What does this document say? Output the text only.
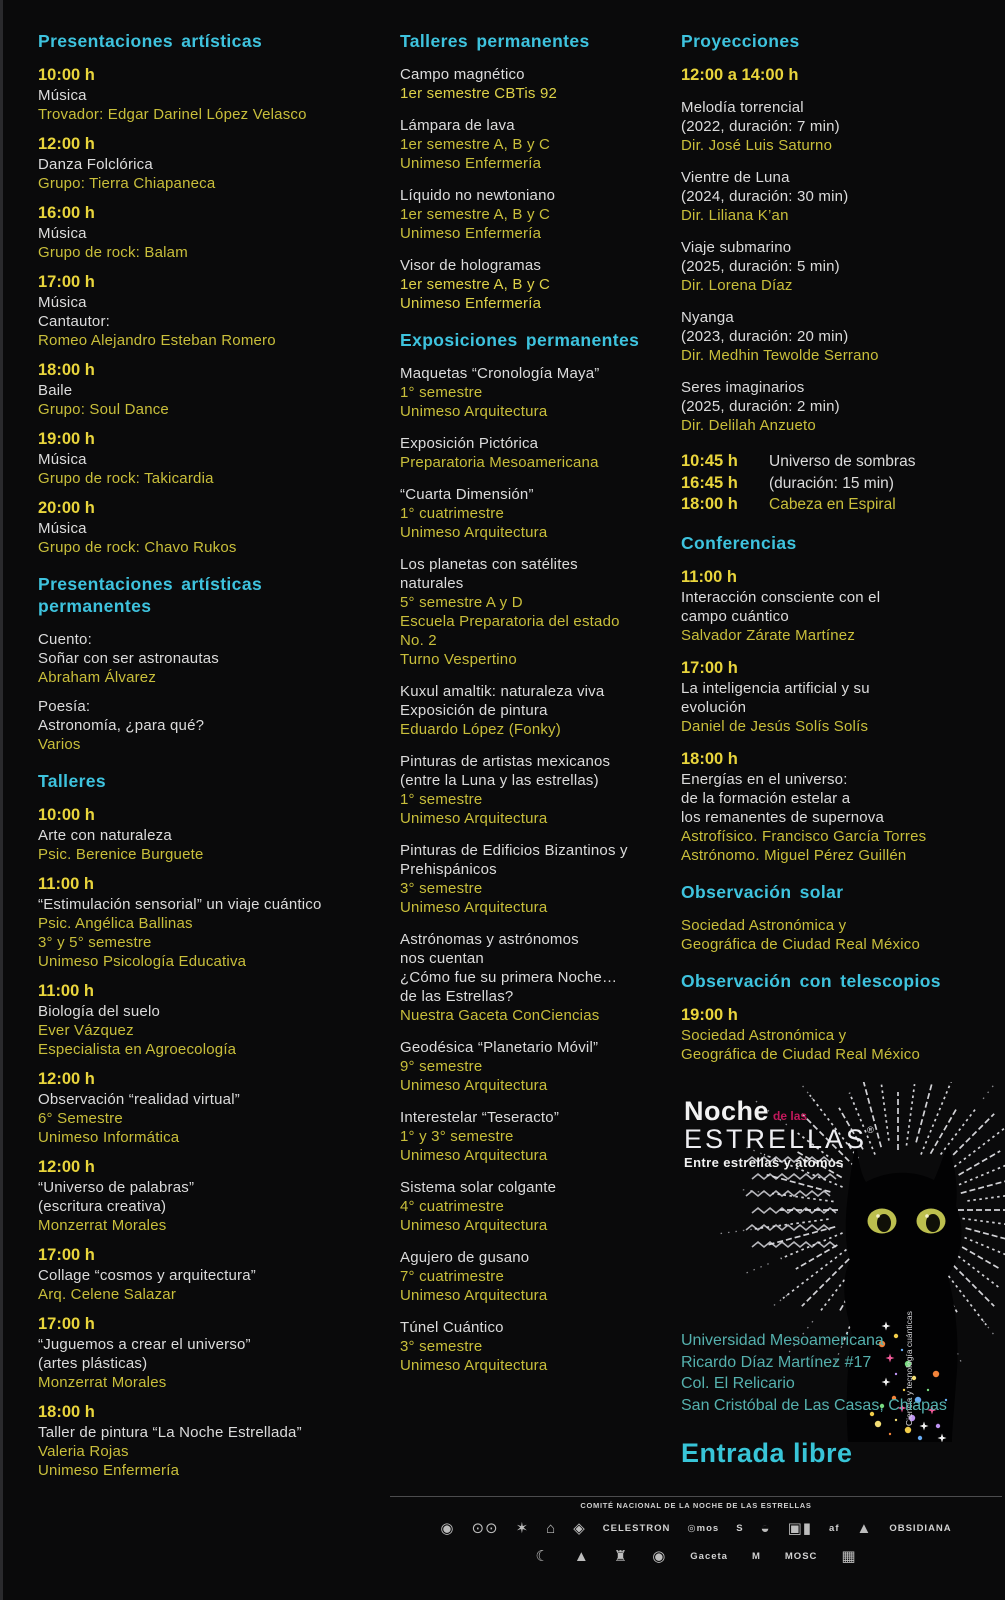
Presentaciones artísticas
10:00 h
Música
Trovador: Edgar Darinel López Velasco
12:00 h
Danza Folclórica
Grupo: Tierra Chiapaneca
16:00 h
Música
Grupo de rock: Balam
17:00 h
Música
Cantautor:
Romeo Alejandro Esteban Romero
18:00 h
Baile
Grupo: Soul Dance
19:00 h
Música
Grupo de rock: Takicardia
20:00 h
Música
Grupo de rock: Chavo Rukos
Presentaciones artísticas permanentes
Cuento:
Soñar con ser astronautas
Abraham Álvarez
Poesía:
Astronomía, ¿para qué?
Varios
Talleres
10:00 h
Arte con naturaleza
Psic. Berenice Burguete
11:00 h
“Estimulación sensorial” un viaje cuántico
Psic. Angélica Ballinas
3° y 5° semestre
Unimeso Psicología Educativa
11:00 h
Biología del suelo
Ever Vázquez
Especialista en Agroecología
12:00 h
Observación “realidad virtual”
6° Semestre
Unimeso Informática
12:00 h
“Universo de palabras”
(escritura creativa)
Monzerrat Morales
17:00 h
Collage “cosmos y arquitectura”
Arq. Celene Salazar
17:00 h
“Juguemos a crear el universo”
(artes plásticas)
Monzerrat Morales
18:00 h
Taller de pintura “La Noche Estrellada”
Valeria Rojas
Unimeso Enfermería
Talleres permanentes
Campo magnético
1er semestre CBTis 92
Lámpara de lava
1er semestre A, B y C
Unimeso Enfermería
Líquido no newtoniano
1er semestre A, B y C
Unimeso Enfermería
Visor de hologramas
1er semestre A, B y C
Unimeso Enfermería
Exposiciones permanentes
Maquetas “Cronología Maya”
1° semestre
Unimeso Arquitectura
Exposición Pictórica
Preparatoria Mesoamericana
“Cuarta Dimensión”
1° cuatrimestre
Unimeso Arquitectura
Los planetas con satélites
naturales
5° semestre A y D
Escuela Preparatoria del estado
No. 2
Turno Vespertino
Kuxul amaltik: naturaleza viva
Exposición de pintura
Eduardo López (Fonky)
Pinturas de artistas mexicanos
(entre la Luna y las estrellas)
1° semestre
Unimeso Arquitectura
Pinturas de Edificios Bizantinos y
Prehispánicos
3° semestre
Unimeso Arquitectura
Astrónomas y astrónomos
nos cuentan
¿Cómo fue su primera Noche…
de las Estrellas?
Nuestra Gaceta ConCiencias
Geodésica “Planetario Móvil”
9° semestre
Unimeso Arquitectura
Interestelar “Teseracto”
1° y 3° semestre
Unimeso Arquitectura
Sistema solar colgante
4° cuatrimestre
Unimeso Arquitectura
Agujero de gusano
7° cuatrimestre
Unimeso Arquitectura
Túnel Cuántico
3° semestre
Unimeso Arquitectura
Proyecciones
12:00 a 14:00 h
Melodía torrencial
(2022, duración: 7 min)
Dir. José Luis Saturno
Vientre de Luna
(2024, duración: 30 min)
Dir. Liliana K’an
Viaje submarino
(2025, duración: 5 min)
Dir. Lorena Díaz
Nyanga
(2023, duración: 20 min)
Dir. Medhin Tewolde Serrano
Seres imaginarios
(2025, duración: 2 min)
Dir. Delilah Anzueto
10:45 h	Universo de sombras
16:45 h	(duración: 15 min)
18:00 h	Cabeza en Espiral
Conferencias
11:00 h
Interacción consciente con el
campo cuántico
Salvador Zárate Martínez
17:00 h
La inteligencia artificial y su
evolución
Daniel de Jesús Solís Solís
18:00 h
Energías en el universo:
de la formación estelar a
los remanentes de supernova
Astrofísico. Francisco García Torres
Astrónomo. Miguel Pérez Guillén
Observación solar
Sociedad Astronómica y
Geográfica de Ciudad Real México
Observación con telescopios
19:00 h
Sociedad Astronómica y
Geográfica de Ciudad Real México
Ciencia y tecnología cuánticas
Noche de las
ESTRELLAS®
Entre estrellas y átomos
Universidad Mesoamericana
Ricardo Díaz Martínez #17
Col. El Relicario
San Cristóbal de Las Casas, Chiapas
Entrada libre
COMITÉ NACIONAL DE LA NOCHE DE LAS ESTRELLAS
◉ ⊙⊙ ✶ ⌂ ◈ CELESTRON ◎mos S ◒ ▣▮ af ▲ OBSIDIANA
☾ ▲ ♜ ◉	Gaceta	M	MOSC ▦
